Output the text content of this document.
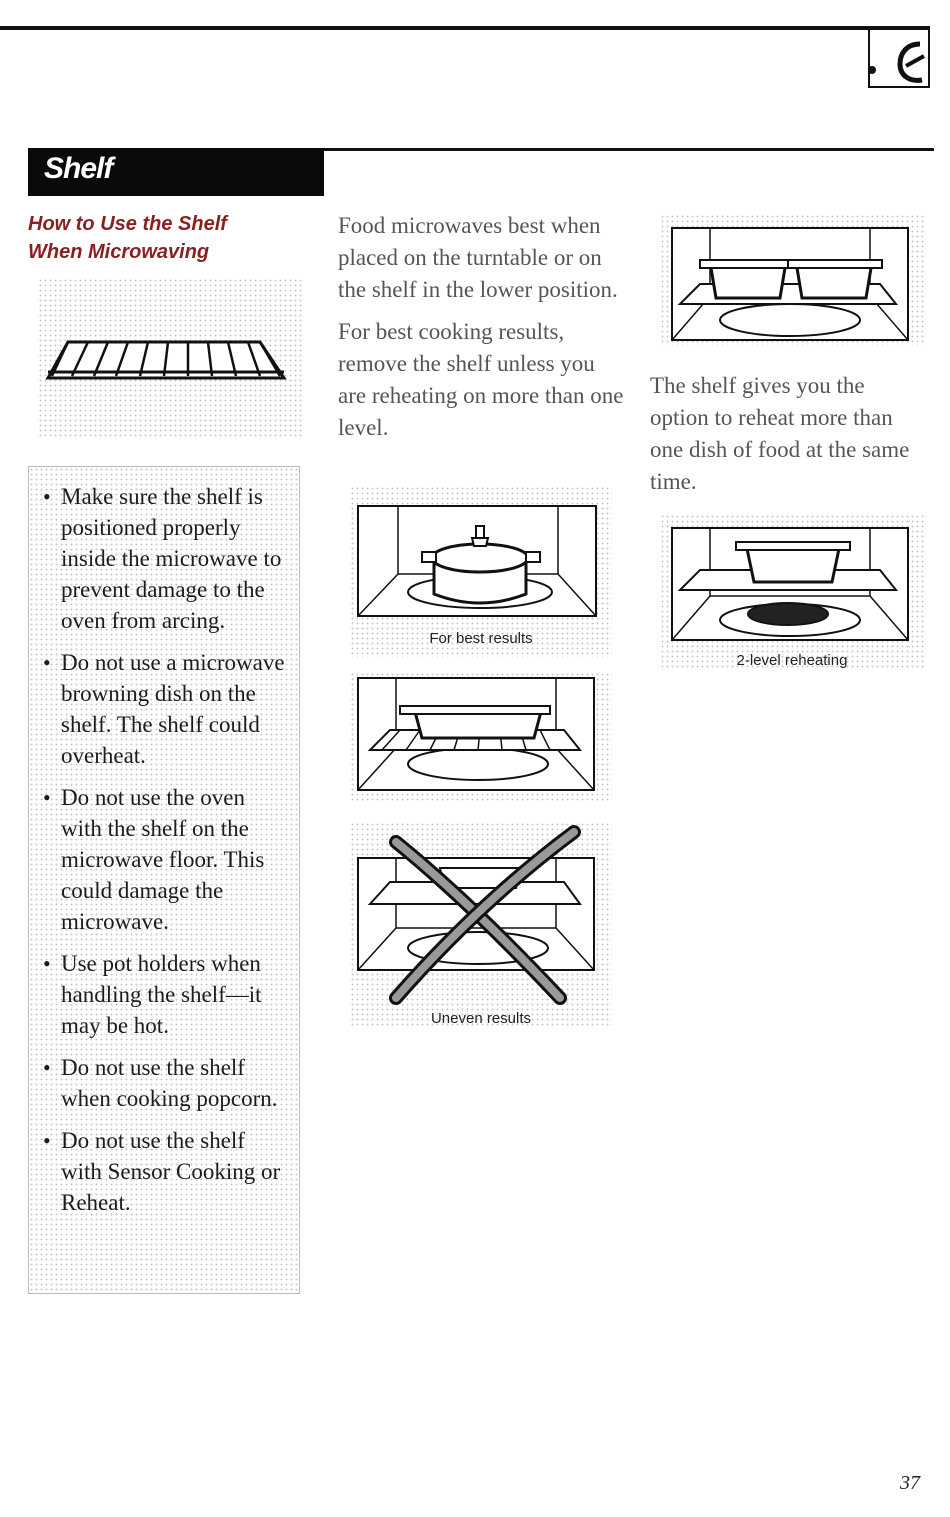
Shelf
How to Use the Shelf
When Microwaving
• Make sure the shelf is positioned properly inside the microwave to prevent damage to the oven from arcing.
• Do not use a microwave browning dish on the shelf. The shelf could overheat.
• Do not use the oven with the shelf on the microwave floor. This could damage the microwave.
• Use pot holders when handling the shelf—it may be hot.
• Do not use the shelf when cooking popcorn.
• Do not use the shelf with Sensor Cooking or Reheat.

Food microwaves best when placed on the turntable or on the shelf in the lower position.

For best cooking results, remove the shelf unless you are reheating on more than one level.

For best results
Uneven results

The shelf gives you the option to reheat more than one dish of food at the same time.

2-level reheating
37
